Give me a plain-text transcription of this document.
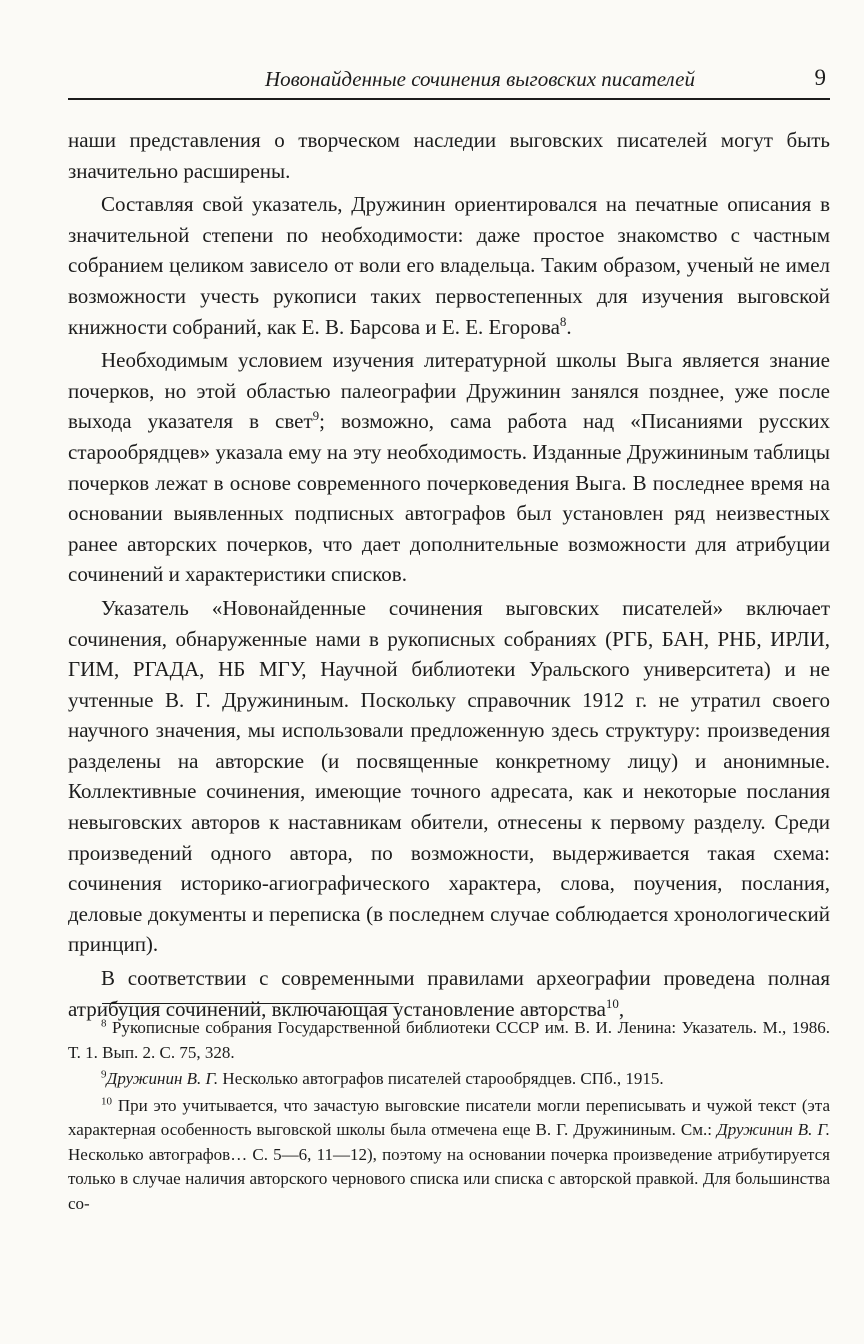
Новонайденные сочинения выговских писателей	9

наши представления о творческом наследии выговских писателей могут быть значительно расширены.

Составляя свой указатель, Дружинин ориентировался на печатные описания в значительной степени по необходимости: даже простое знакомство с частным собранием целиком зависело от воли его владельца. Таким образом, ученый не имел возможности учесть рукописи таких первостепенных для изучения выговской книжности собраний, как Е. В. Барсова и Е. Е. Егорова$^8$.

Необходимым условием изучения литературной школы Выга является знание почерков, но этой областью палеографии Дружинин занялся позднее, уже после выхода указателя в свет$^9$; возможно, сама работа над «Писаниями русских старообрядцев» указала ему на эту необходимость. Изданные Дружининым таблицы почерков лежат в основе современного почерковедения Выга. В последнее время на основании выявленных подписных автографов был установлен ряд неизвестных ранее авторских почерков, что дает дополнительные возможности для атрибуции сочинений и характеристики списков.

Указатель «Новонайденные сочинения выговских писателей» включает сочинения, обнаруженные нами в рукописных собраниях (РГБ, БАН, РНБ, ИРЛИ, ГИМ, РГАДА, НБ МГУ, Научной библиотеки Уральского университета) и не учтенные В. Г. Дружининым. Поскольку справочник 1912 г. не утратил своего научного значения, мы использовали предложенную здесь структуру: произведения разделены на авторские (и посвященные конкретному лицу) и анонимные. Коллективные сочинения, имеющие точного адресата, как и некоторые послания невыговских авторов к наставникам обители, отнесены к первому разделу. Среди произведений одного автора, по возможности, выдерживается такая схема: сочинения историко-агиографического характера, слова, поучения, послания, деловые документы и переписка (в последнем случае соблюдается хронологический принцип).

В соответствии с современными правилами археографии проведена полная атрибуция сочинений, включающая установление авторства$^{10}$,

$^8$ Рукописные собрания Государственной библиотеки СССР им. В. И. Ленина: Указатель. М., 1986. Т. 1. Вып. 2. С. 75, 328.

$^9$Дружинин В. Г. Несколько автографов писателей старообрядцев. СПб., 1915.

$^{10}$ При это учитывается, что зачастую выговские писатели могли переписывать и чужой текст (эта характерная особенность выговской школы была отмечена еще В. Г. Дружининым. См.: Дружинин В. Г. Несколько автографов… С. 5—6, 11—12), поэтому на основании почерка произведение атрибутируется только в случае наличия авторского чернового списка или списка с авторской правкой. Для большинства со-
